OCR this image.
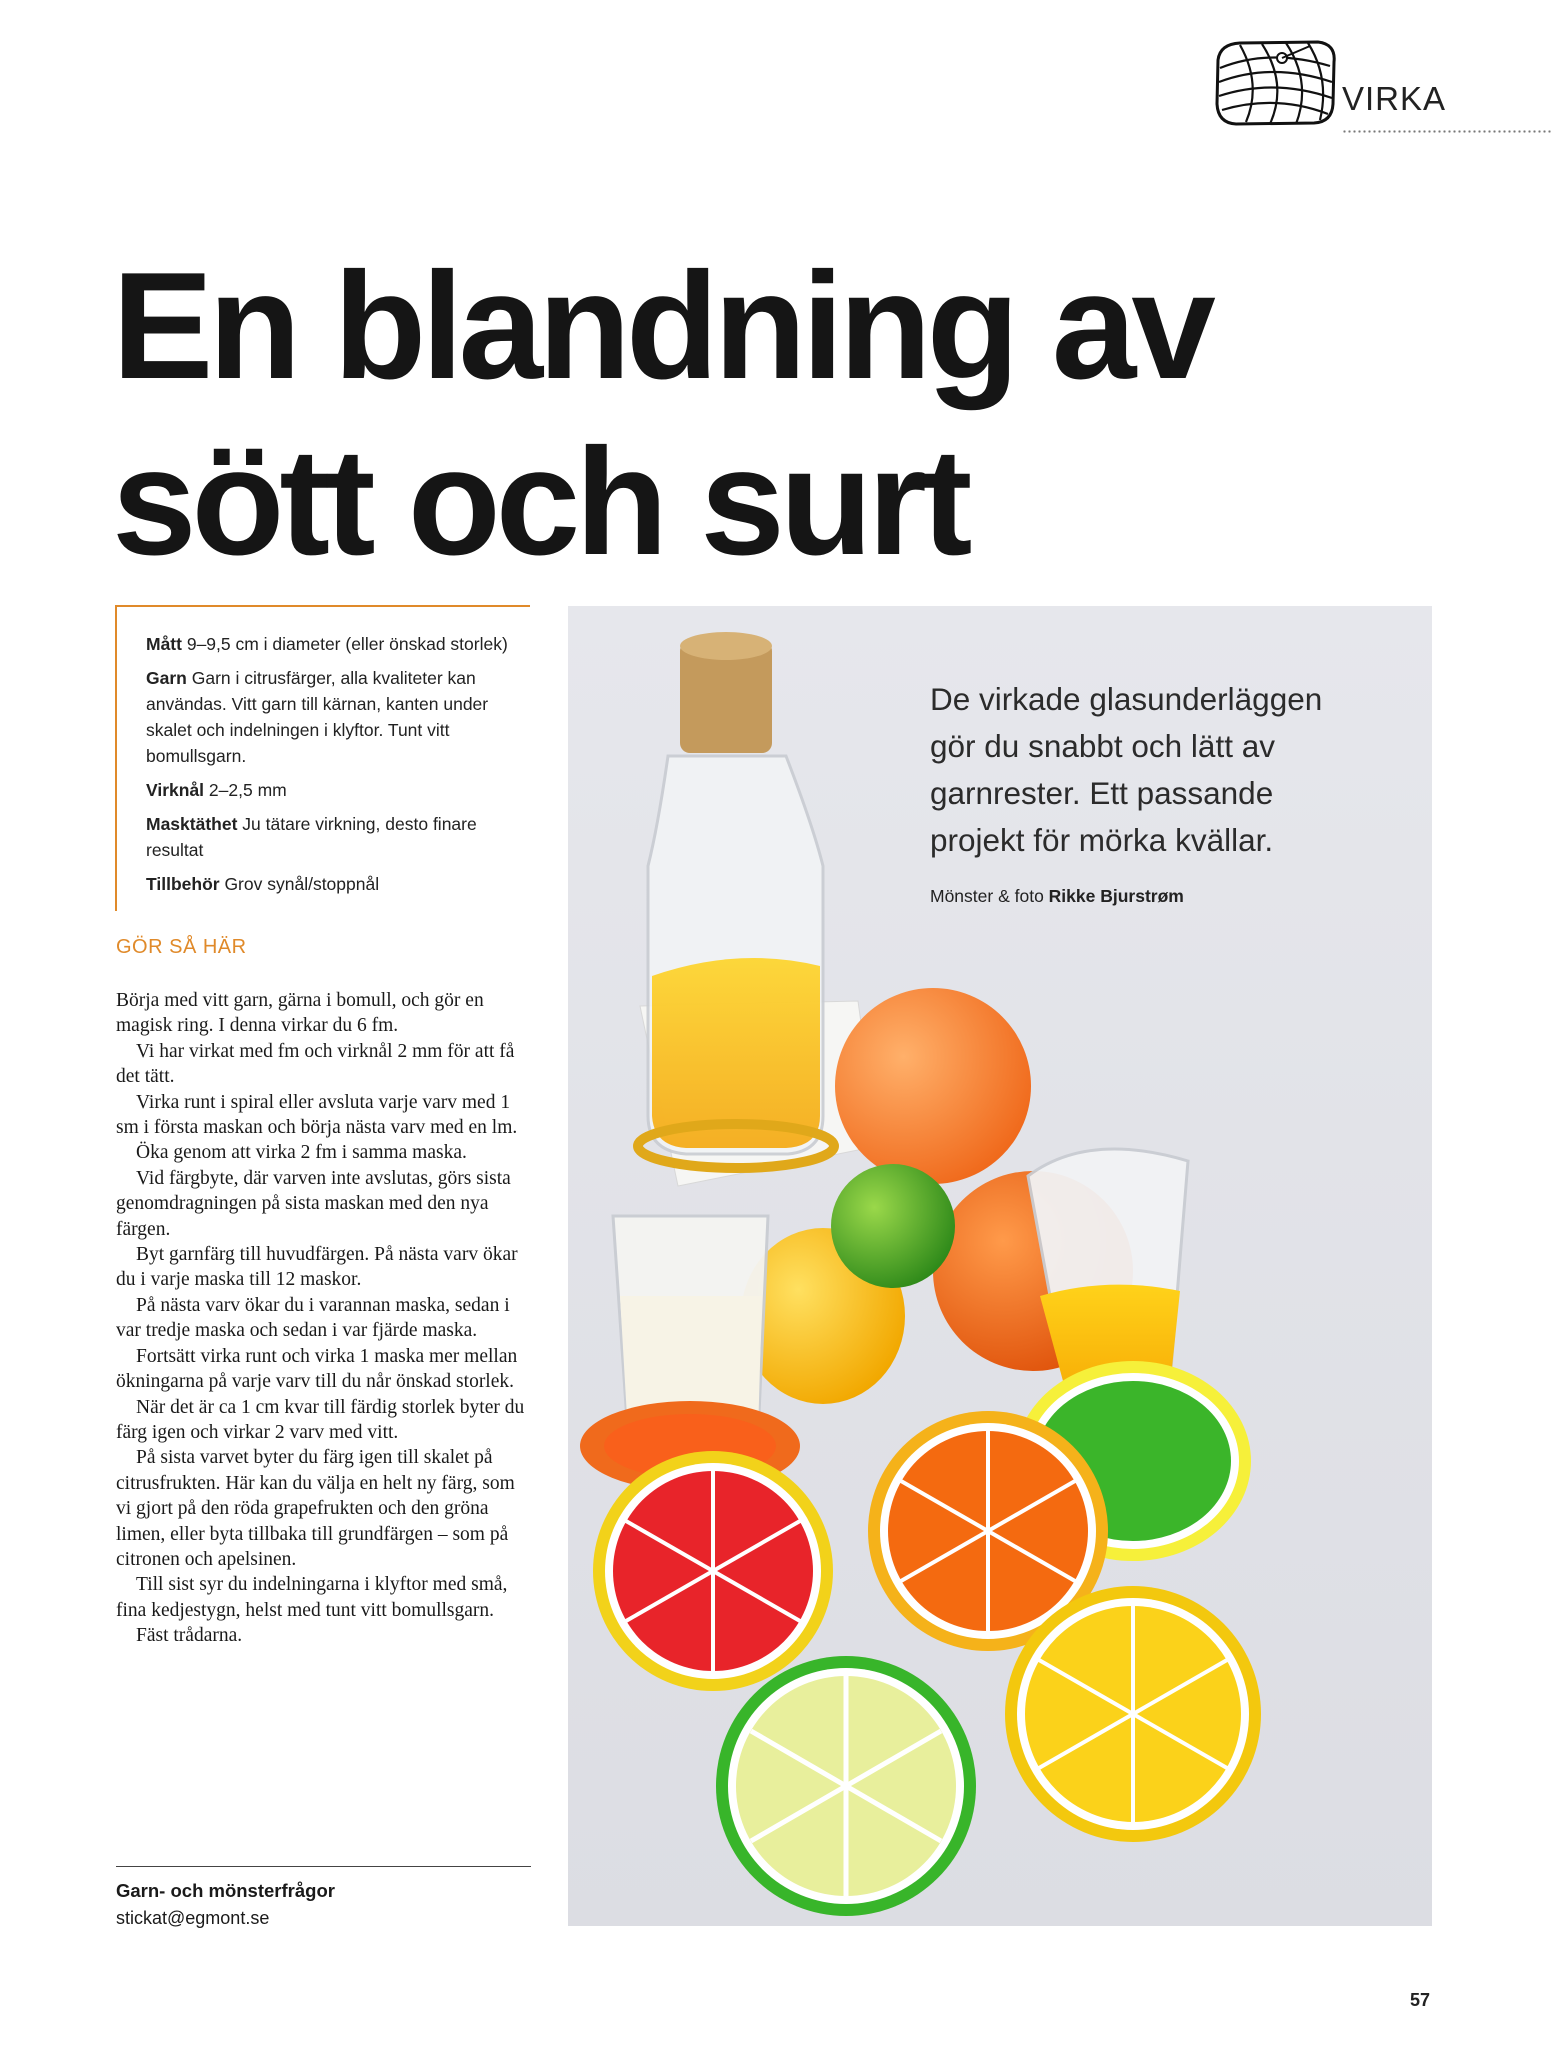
VIRKA
En blandning av
sött och surt

Mått 9–9,5 cm i diameter (eller önskad storlek)

Garn Garn i citrusfärger, alla kvaliteter kan användas. Vitt garn till kärnan, kanten under skalet och indelningen i klyftor. Tunt vitt bomullsgarn.

Virknål 2–2,5 mm

Masktäthet Ju tätare virkning, desto finare resultat

Tillbehör Grov synål/stoppnål

GÖR SÅ HÄR

Börja med vitt garn, gärna i bomull, och gör en magisk ring. I denna virkar du 6 fm.

Vi har virkat med fm och virknål 2 mm för att få det tätt.

Virka runt i spiral eller avsluta varje varv med 1 sm i första maskan och börja nästa varv med en lm.

Öka genom att virka 2 fm i samma maska.

Vid färgbyte, där varven inte avslutas, görs sista genomdragningen på sista maskan med den nya färgen.

Byt garnfärg till huvudfärgen. På nästa varv ökar du i varje maska till 12 maskor.

På nästa varv ökar du i varannan maska, sedan i var tredje maska och sedan i var fjärde maska.

Fortsätt virka runt och virka 1 maska mer mellan ökningarna på varje varv till du når önskad storlek.

När det är ca 1 cm kvar till färdig storlek byter du färg igen och virkar 2 varv med vitt.

På sista varvet byter du färg igen till skalet på citrusfrukten. Här kan du välja en helt ny färg, som vi gjort på den röda grapefrukten och den gröna limen, eller byta tillbaka till grundfärgen – som på citronen och apelsinen.

Till sist syr du indelningarna i klyftor med små, fina kedjestygn, helst med tunt vitt bomullsgarn.

Fäst trådarna.

Garn- och mönsterfrågor
stickat@egmont.se

De virkade glasunderläggen gör du snabbt och lätt av garnrester. Ett passande projekt för mörka kvällar.

Mönster & foto Rikke Bjurstrøm
57
